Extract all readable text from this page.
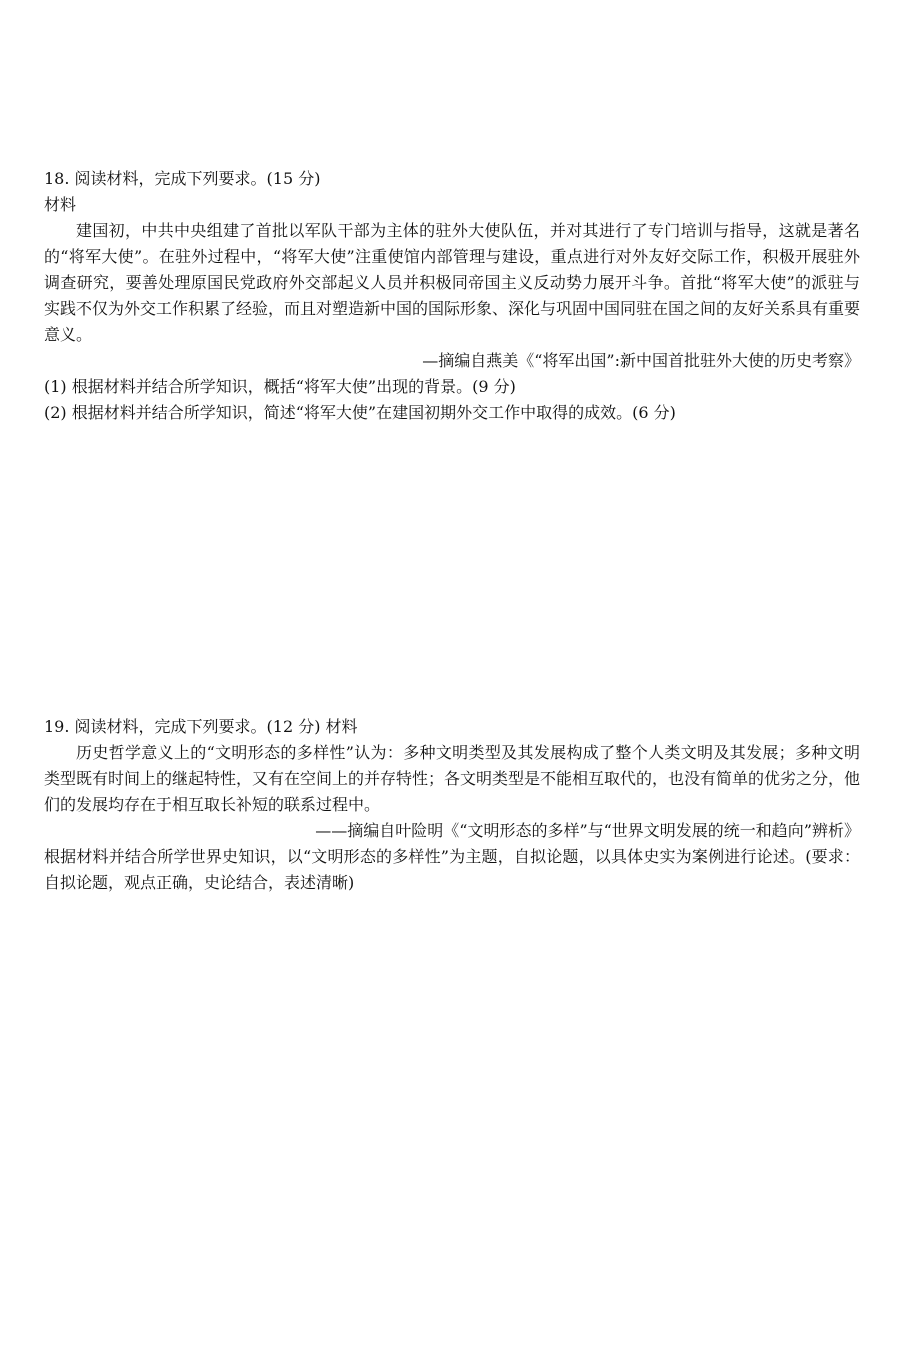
18. 阅读材料，完成下列要求。(15 分)

材料

建国初，中共中央组建了首批以军队干部为主体的驻外大使队伍，并对其进行了专门培训与指导，这就是著名的“将军大使”。在驻外过程中，“将军大使”注重使馆内部管理与建设，重点进行对外友好交际工作，积极开展驻外调查研究，要善处理原国民党政府外交部起义人员并积极同帝国主义反动势力展开斗争。首批“将军大使”的派驻与实践不仅为外交工作积累了经验，而且对塑造新中国的国际形象、深化与巩固中国同驻在国之间的友好关系具有重要意义。

—摘编自燕美《“将军出国”:新中国首批驻外大使的历史考察》

(1) 根据材料并结合所学知识，概括“将军大使”出现的背景。(9 分)

(2) 根据材料并结合所学知识，简述“将军大使”在建国初期外交工作中取得的成效。(6 分)

19. 阅读材料，完成下列要求。(12 分) 材料

历史哲学意义上的“文明形态的多样性”认为：多种文明类型及其发展构成了整个人类文明及其发展；多种文明类型既有时间上的继起特性，又有在空间上的并存特性；各文明类型是不能相互取代的，也没有简单的优劣之分，他们的发展均存在于相互取长补短的联系过程中。

——摘编自叶险明《“文明形态的多样”与“世界文明发展的统一和趋向”辨析》

根据材料并结合所学世界史知识，以“文明形态的多样性”为主题，自拟论题，以具体史实为案例进行论述。(要求：自拟论题，观点正确，史论结合，表述清晰)
